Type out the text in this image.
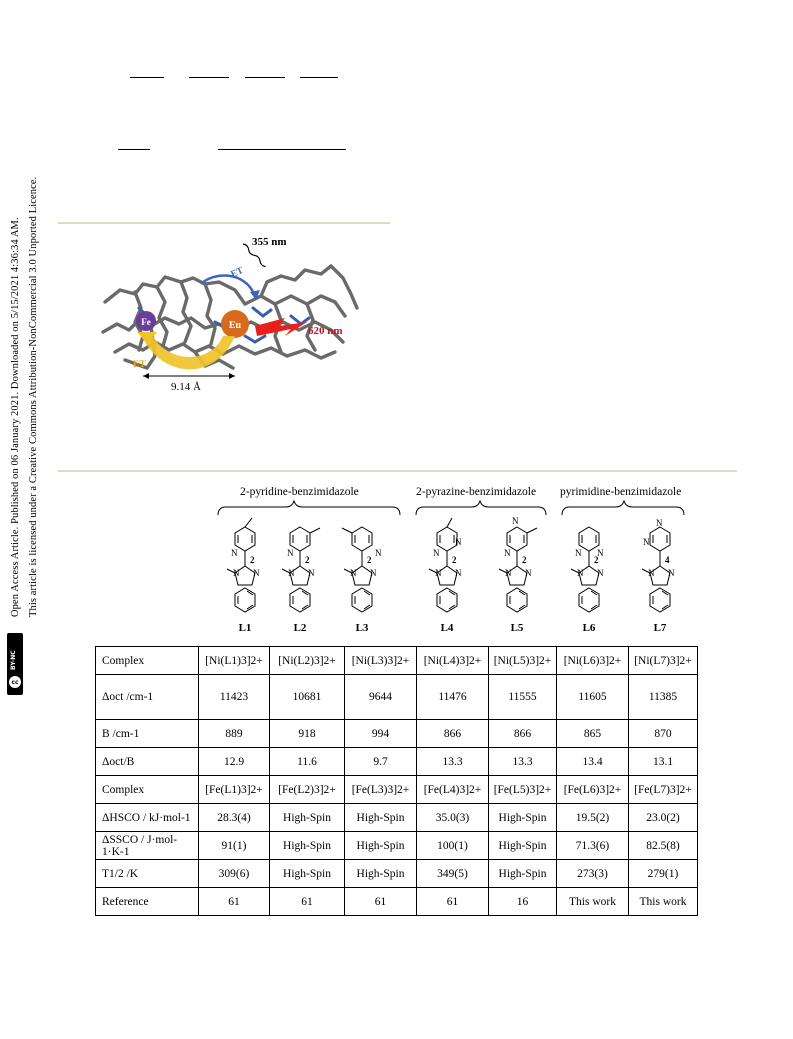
Open Access Article. Published on 06 January 2021. Downloaded on 5/15/2021 4:36:34 AM. This article is licensed under a Creative Commons Attribution-NonCommercial 3.0 Unported Licence.
BY-NC
cc
Fe	Eu
355 nm
620 nm
ET
ET
9.14 Å
2-pyridine-benzimidazole	2-pyrazine-benzimidazole pyrimidine-benzimidazole
N
N	N	N	N
N
N
N
N N
N
N
2	2	2	2	2	2	4
L1	L2	L3	L4	L5	L6	L7
Complex	[Ni(L1)3]2+	[Ni(L2)3]2+	[Ni(L3)3]2+	[Ni(L4)3]2+	[Ni(L5)3]2+	[Ni(L6)3]2+	[Ni(L7)3]2+
Δoct /cm-1	11423	10681	9644	11476	11555	11605	11385
B /cm-1	889	918	994	866	866	865	870
Δoct/B	12.9	11.6	9.7	13.3	13.3	13.4	13.1
Complex	[Fe(L1)3]2+	[Fe(L2)3]2+	[Fe(L3)3]2+	[Fe(L4)3]2+	[Fe(L5)3]2+	[Fe(L6)3]2+	[Fe(L7)3]2+
ΔHSCO / kJ·mol-1	28.3(4)	High-Spin	High-Spin	35.0(3)	High-Spin	19.5(2)	23.0(2)
ΔSSCO / J·mol-1·K-1	91(1)	High-Spin	High-Spin	100(1)	High-Spin	71.3(6)	82.5(8)
T1/2 /K	309(6)	High-Spin	High-Spin	349(5)	High-Spin	273(3)	279(1)
Reference	61	61	61	61	16	This work	This work
